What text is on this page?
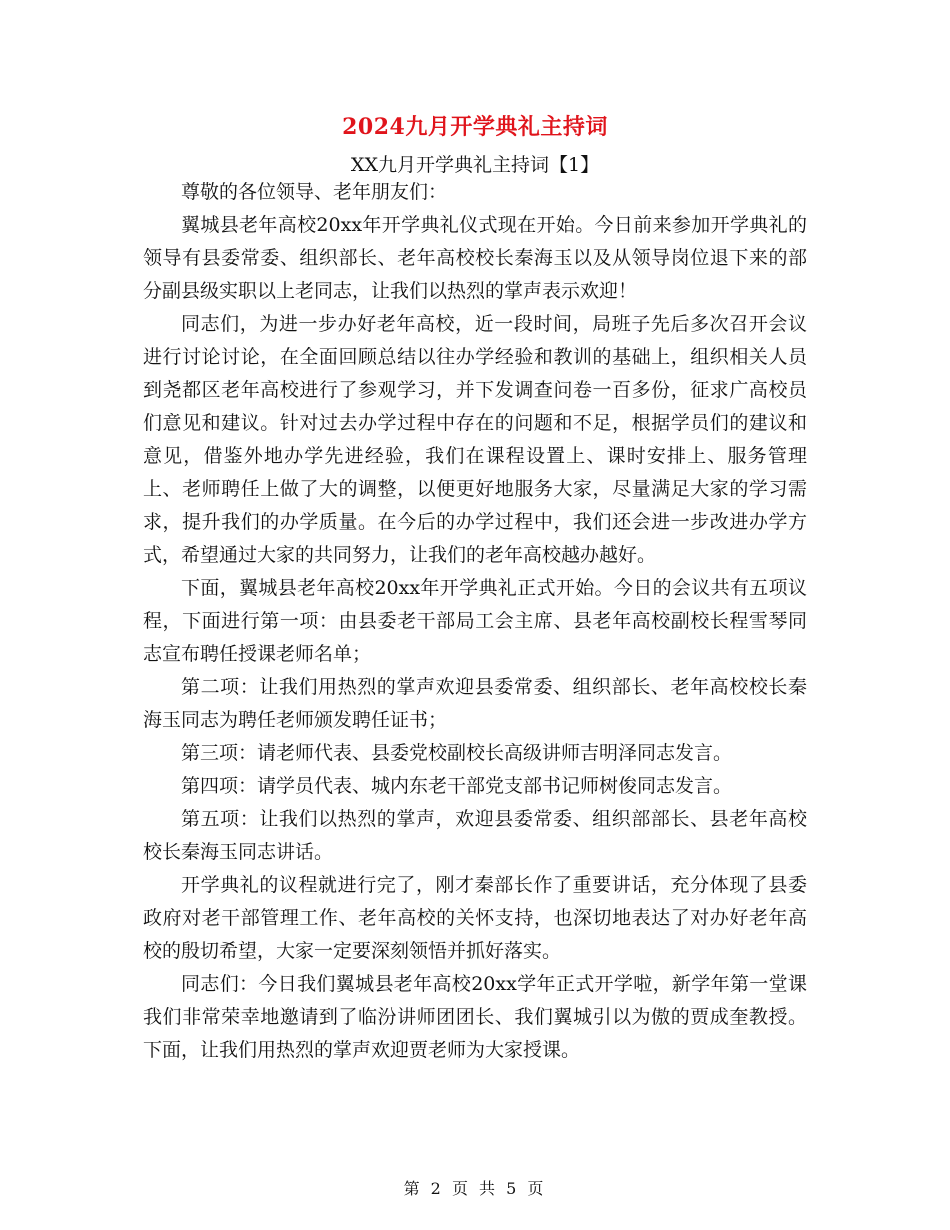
2024九月开学典礼主持词
XX九月开学典礼主持词【1】

尊敬的各位领导、老年朋友们：

翼城县老年高校20xx年开学典礼仪式现在开始。今日前来参加开学典礼的领导有县委常委、组织部长、老年高校校长秦海玉以及从领导岗位退下来的部分副县级实职以上老同志，让我们以热烈的掌声表示欢迎！

同志们，为进一步办好老年高校，近一段时间，局班子先后多次召开会议进行讨论讨论，在全面回顾总结以往办学经验和教训的基础上，组织相关人员到尧都区老年高校进行了参观学习，并下发调查问卷一百多份，征求广高校员们意见和建议。针对过去办学过程中存在的问题和不足，根据学员们的建议和意见，借鉴外地办学先进经验，我们在课程设置上、课时安排上、服务管理上、老师聘任上做了大的调整，以便更好地服务大家，尽量满足大家的学习需求，提升我们的办学质量。在今后的办学过程中，我们还会进一步改进办学方式，希望通过大家的共同努力，让我们的老年高校越办越好。

下面，翼城县老年高校20xx年开学典礼正式开始。今日的会议共有五项议程，下面进行第一项：由县委老干部局工会主席、县老年高校副校长程雪琴同志宣布聘任授课老师名单；

第二项：让我们用热烈的掌声欢迎县委常委、组织部长、老年高校校长秦海玉同志为聘任老师颁发聘任证书；

第三项：请老师代表、县委党校副校长高级讲师吉明泽同志发言。

第四项：请学员代表、城内东老干部党支部书记师树俊同志发言。

第五项：让我们以热烈的掌声，欢迎县委常委、组织部部长、县老年高校校长秦海玉同志讲话。

开学典礼的议程就进行完了，刚才秦部长作了重要讲话，充分体现了县委政府对老干部管理工作、老年高校的关怀支持，也深切地表达了对办好老年高校的殷切希望，大家一定要深刻领悟并抓好落实。

同志们：今日我们翼城县老年高校20xx学年正式开学啦，新学年第一堂课我们非常荣幸地邀请到了临汾讲师团团长、我们翼城引以为傲的贾成奎教授。下面，让我们用热烈的掌声欢迎贾老师为大家授课。

第 2 页 共 5 页
